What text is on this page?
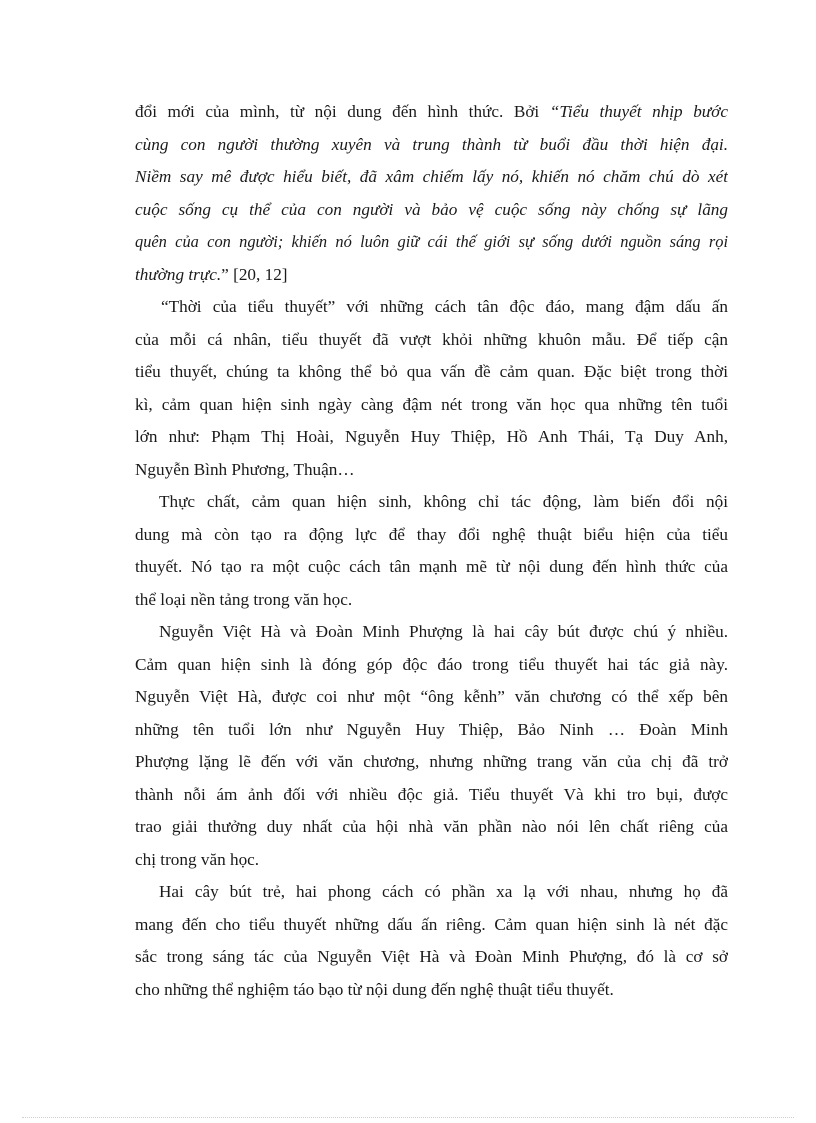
đổi mới của mình, từ nội dung đến hình thức. Bởi “Tiểu thuyết nhịp bước
cùng con người thường xuyên và trung thành từ buổi đầu thời hiện đại.
Niềm say mê được hiểu biết, đã xâm chiếm lấy nó, khiến nó chăm chú dò xét
cuộc sống cụ thể của con người và bảo vệ cuộc sống này chống sự lãng
quên của con người; khiến nó luôn giữ cái thế giới sự sống dưới nguồn sáng rọi
thường trực.” [20, 12]
“Thời của tiểu thuyết” với những cách tân độc đáo, mang đậm dấu ấn
của mỗi cá nhân, tiểu thuyết đã vượt khỏi những khuôn mẫu. Để tiếp cận
tiểu thuyết, chúng ta không thể bỏ qua vấn đề cảm quan. Đặc biệt trong thời
kì, cảm quan hiện sinh ngày càng đậm nét trong văn học qua những tên tuổi
lớn như: Phạm Thị Hoài, Nguyễn Huy Thiệp, Hồ Anh Thái, Tạ Duy Anh,
Nguyễn Bình Phương, Thuận…
Thực chất, cảm quan hiện sinh, không chỉ tác động, làm biến đổi nội
dung mà còn tạo ra động lực để thay đổi nghệ thuật biểu hiện của tiểu
thuyết. Nó tạo ra một cuộc cách tân mạnh mẽ từ nội dung đến hình thức của
thể loại nền tảng trong văn học.
Nguyễn Việt Hà và Đoàn Minh Phượng là hai cây bút được chú ý nhiều.
Cảm quan hiện sinh là đóng góp độc đáo trong tiểu thuyết hai tác giả này.
Nguyễn Việt Hà, được coi như một “ông kễnh” văn chương có thể xếp bên
những tên tuổi lớn như Nguyễn Huy Thiệp, Bảo Ninh … Đoàn Minh
Phượng lặng lẽ đến với văn chương, nhưng những trang văn của chị đã trở
thành nỗi ám ảnh đối với nhiều độc giả. Tiểu thuyết Và khi tro bụi, được
trao giải thưởng duy nhất của hội nhà văn phần nào nói lên chất riêng của
chị trong văn học.
Hai cây bút trẻ, hai phong cách có phần xa lạ với nhau, nhưng họ đã
mang đến cho tiểu thuyết những dấu ấn riêng. Cảm quan hiện sinh là nét đặc
sắc trong sáng tác của Nguyễn Việt Hà và Đoàn Minh Phượng, đó là cơ sở
cho những thể nghiệm táo bạo từ nội dung đến nghệ thuật tiểu thuyết.
